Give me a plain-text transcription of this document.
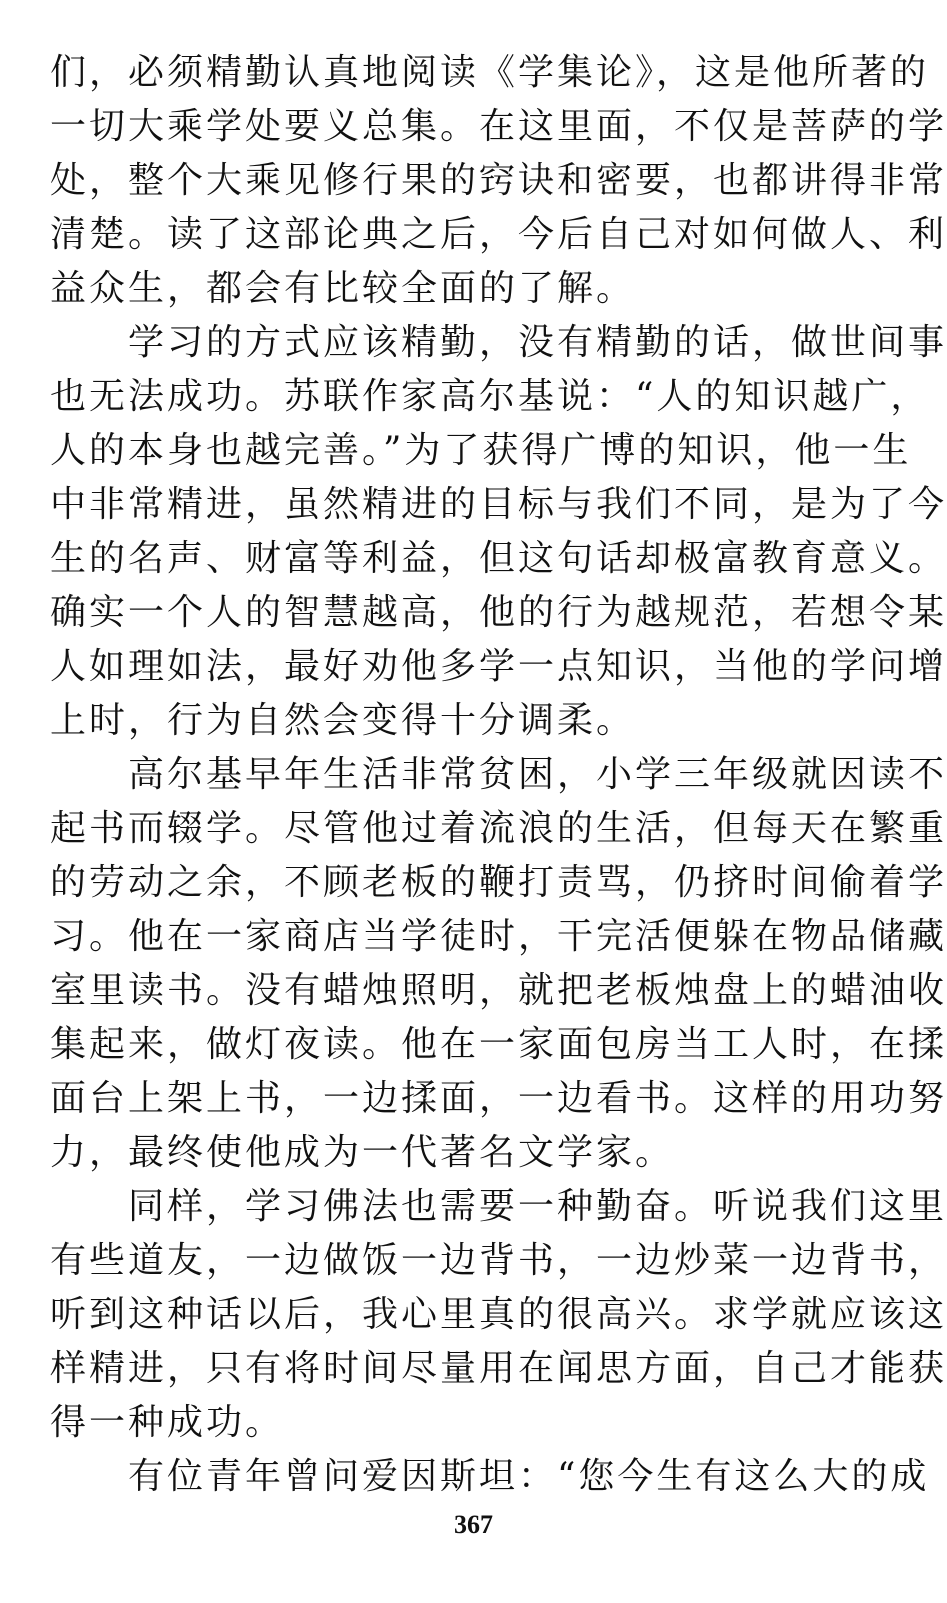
们，必须精勤认真地阅读《学集论》，这是他所著的
一切大乘学处要义总集。在这里面，不仅是菩萨的学
处，整个大乘见修行果的窍诀和密要，也都讲得非常
清楚。读了这部论典之后，今后自己对如何做人、利
益众生，都会有比较全面的了解。
学习的方式应该精勤，没有精勤的话，做世间事
也无法成功。苏联作家高尔基说：“人的知识越广，
人的本身也越完善。”为了获得广博的知识，他一生
中非常精进，虽然精进的目标与我们不同，是为了今
生的名声、财富等利益，但这句话却极富教育意义。
确实一个人的智慧越高，他的行为越规范，若想令某
人如理如法，最好劝他多学一点知识，当他的学问增
上时，行为自然会变得十分调柔。
高尔基早年生活非常贫困，小学三年级就因读不
起书而辍学。尽管他过着流浪的生活，但每天在繁重
的劳动之余，不顾老板的鞭打责骂，仍挤时间偷着学
习。他在一家商店当学徒时，干完活便躲在物品储藏
室里读书。没有蜡烛照明，就把老板烛盘上的蜡油收
集起来，做灯夜读。他在一家面包房当工人时，在揉
面台上架上书，一边揉面，一边看书。这样的用功努
力，最终使他成为一代著名文学家。
同样，学习佛法也需要一种勤奋。听说我们这里
有些道友，一边做饭一边背书，一边炒菜一边背书，
听到这种话以后，我心里真的很高兴。求学就应该这
样精进，只有将时间尽量用在闻思方面，自己才能获
得一种成功。
有位青年曾问爱因斯坦：“您今生有这么大的成
367
